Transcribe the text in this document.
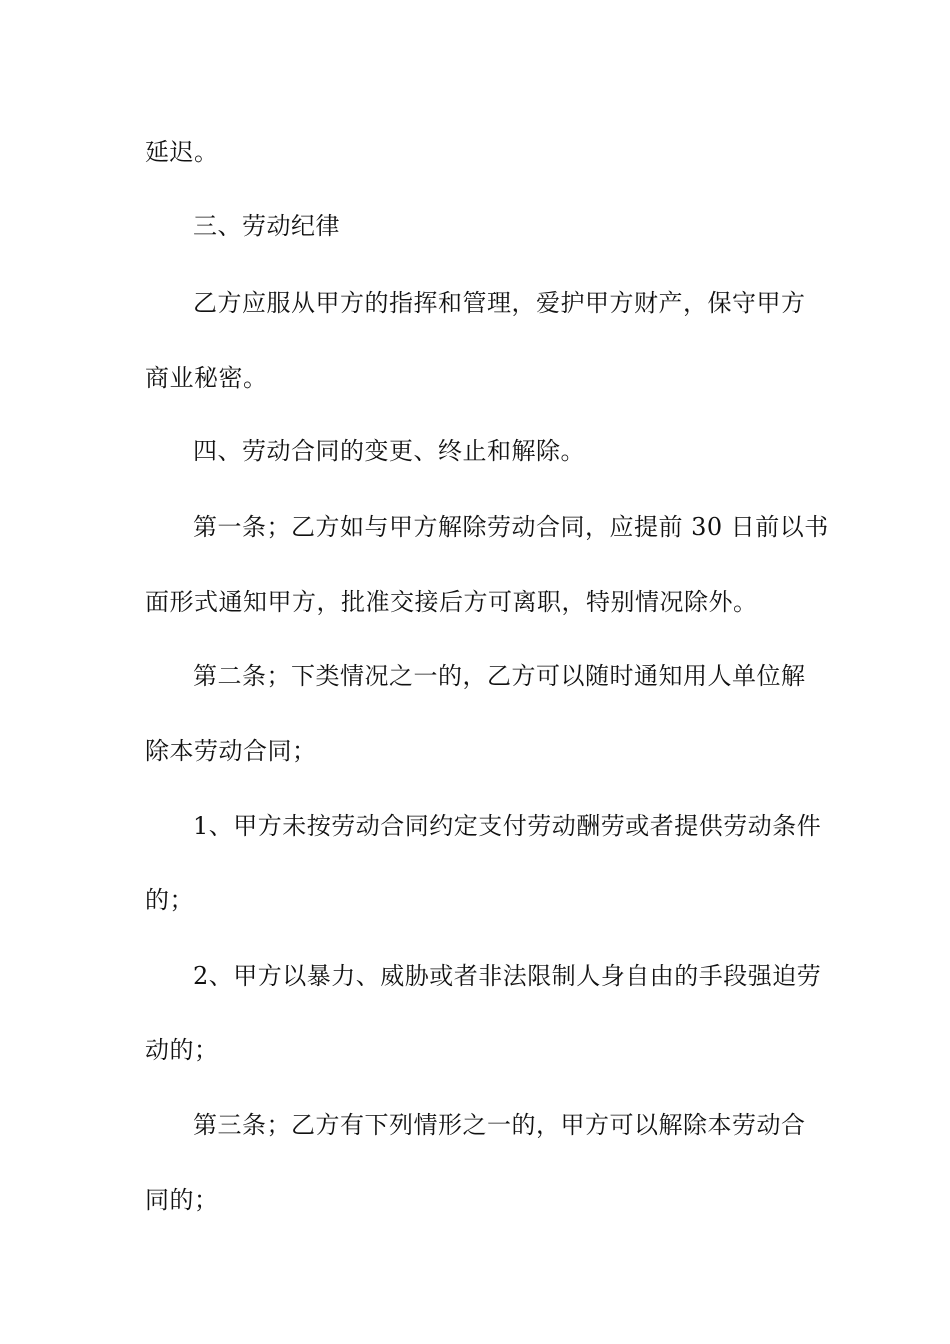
延迟。
三、劳动纪律
乙方应服从甲方的指挥和管理，爱护甲方财产，保守甲方
商业秘密。
四、劳动合同的变更、终止和解除。
第一条；乙方如与甲方解除劳动合同，应提前 30 日前以书
面形式通知甲方，批准交接后方可离职，特别情况除外。
第二条；下类情况之一的，乙方可以随时通知用人单位解
除本劳动合同；
1、甲方未按劳动合同约定支付劳动酬劳或者提供劳动条件
的；
2、甲方以暴力、威胁或者非法限制人身自由的手段强迫劳
动的；
第三条；乙方有下列情形之一的，甲方可以解除本劳动合
同的；
